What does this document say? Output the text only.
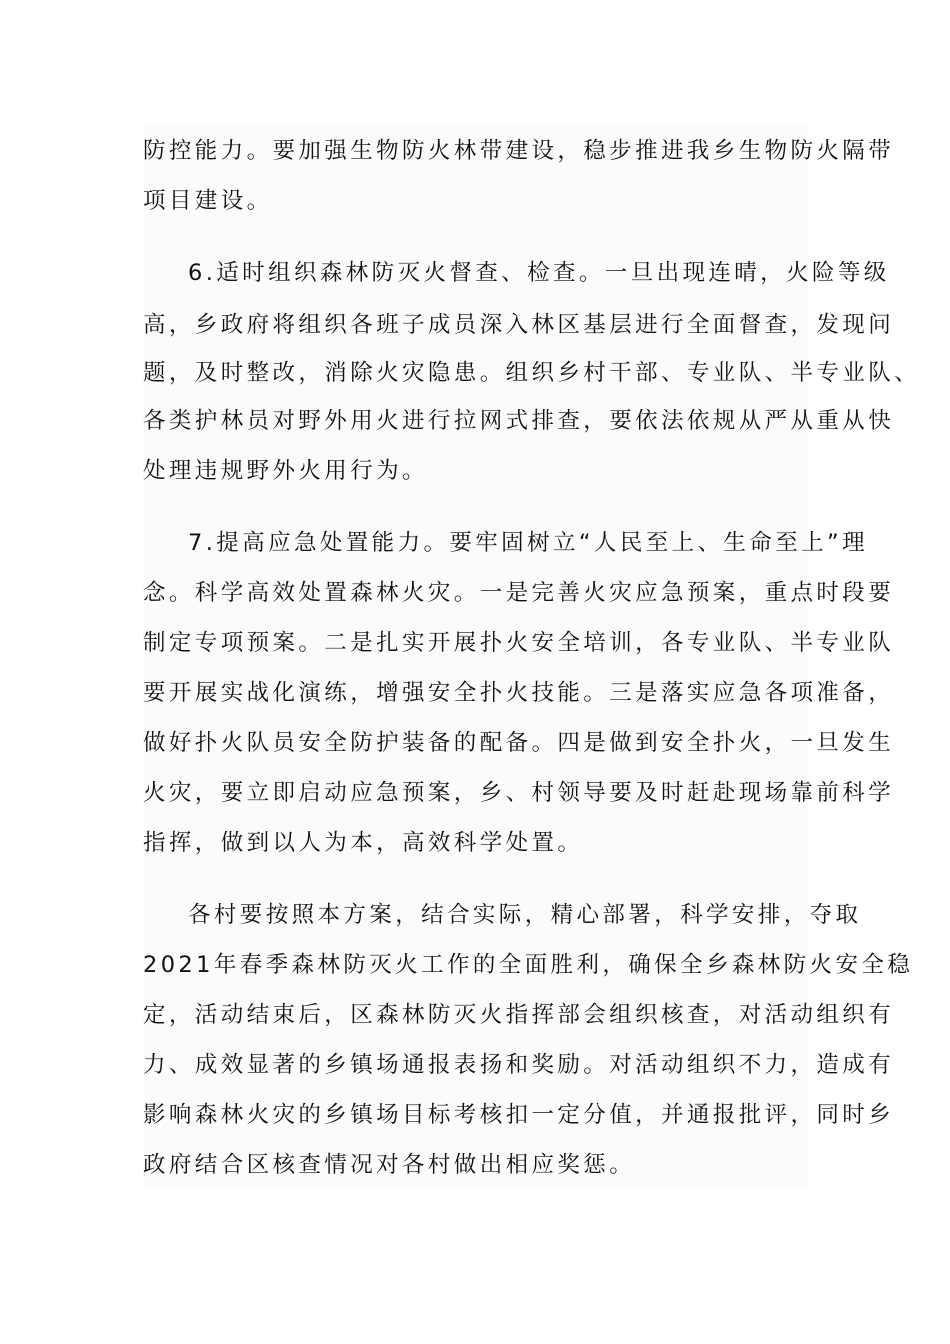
防控能力。要加强生物防火林带建设，稳步推进我乡生物防火隔带
项目建设。
6.适时组织森林防灭火督查、检查。一旦出现连晴，火险等级
高，乡政府将组织各班子成员深入林区基层进行全面督查，发现问
题，及时整改，消除火灾隐患。组织乡村干部、专业队、半专业队、
各类护林员对野外用火进行拉网式排查，要依法依规从严从重从快
处理违规野外火用行为。
7.提高应急处置能力。要牢固树立“人民至上、生命至上”理
念。科学高效处置森林火灾。一是完善火灾应急预案，重点时段要
制定专项预案。二是扎实开展扑火安全培训，各专业队、半专业队
要开展实战化演练，增强安全扑火技能。三是落实应急各项准备，
做好扑火队员安全防护装备的配备。四是做到安全扑火，一旦发生
火灾，要立即启动应急预案，乡、村领导要及时赶赴现场靠前科学
指挥，做到以人为本，高效科学处置。
各村要按照本方案，结合实际，精心部署，科学安排，夺取
2021年春季森林防灭火工作的全面胜利，确保全乡森林防火安全稳
定，活动结束后，区森林防灭火指挥部会组织核查，对活动组织有
力、成效显著的乡镇场通报表扬和奖励。对活动组织不力，造成有
影响森林火灾的乡镇场目标考核扣一定分值，并通报批评，同时乡
政府结合区核查情况对各村做出相应奖惩。
